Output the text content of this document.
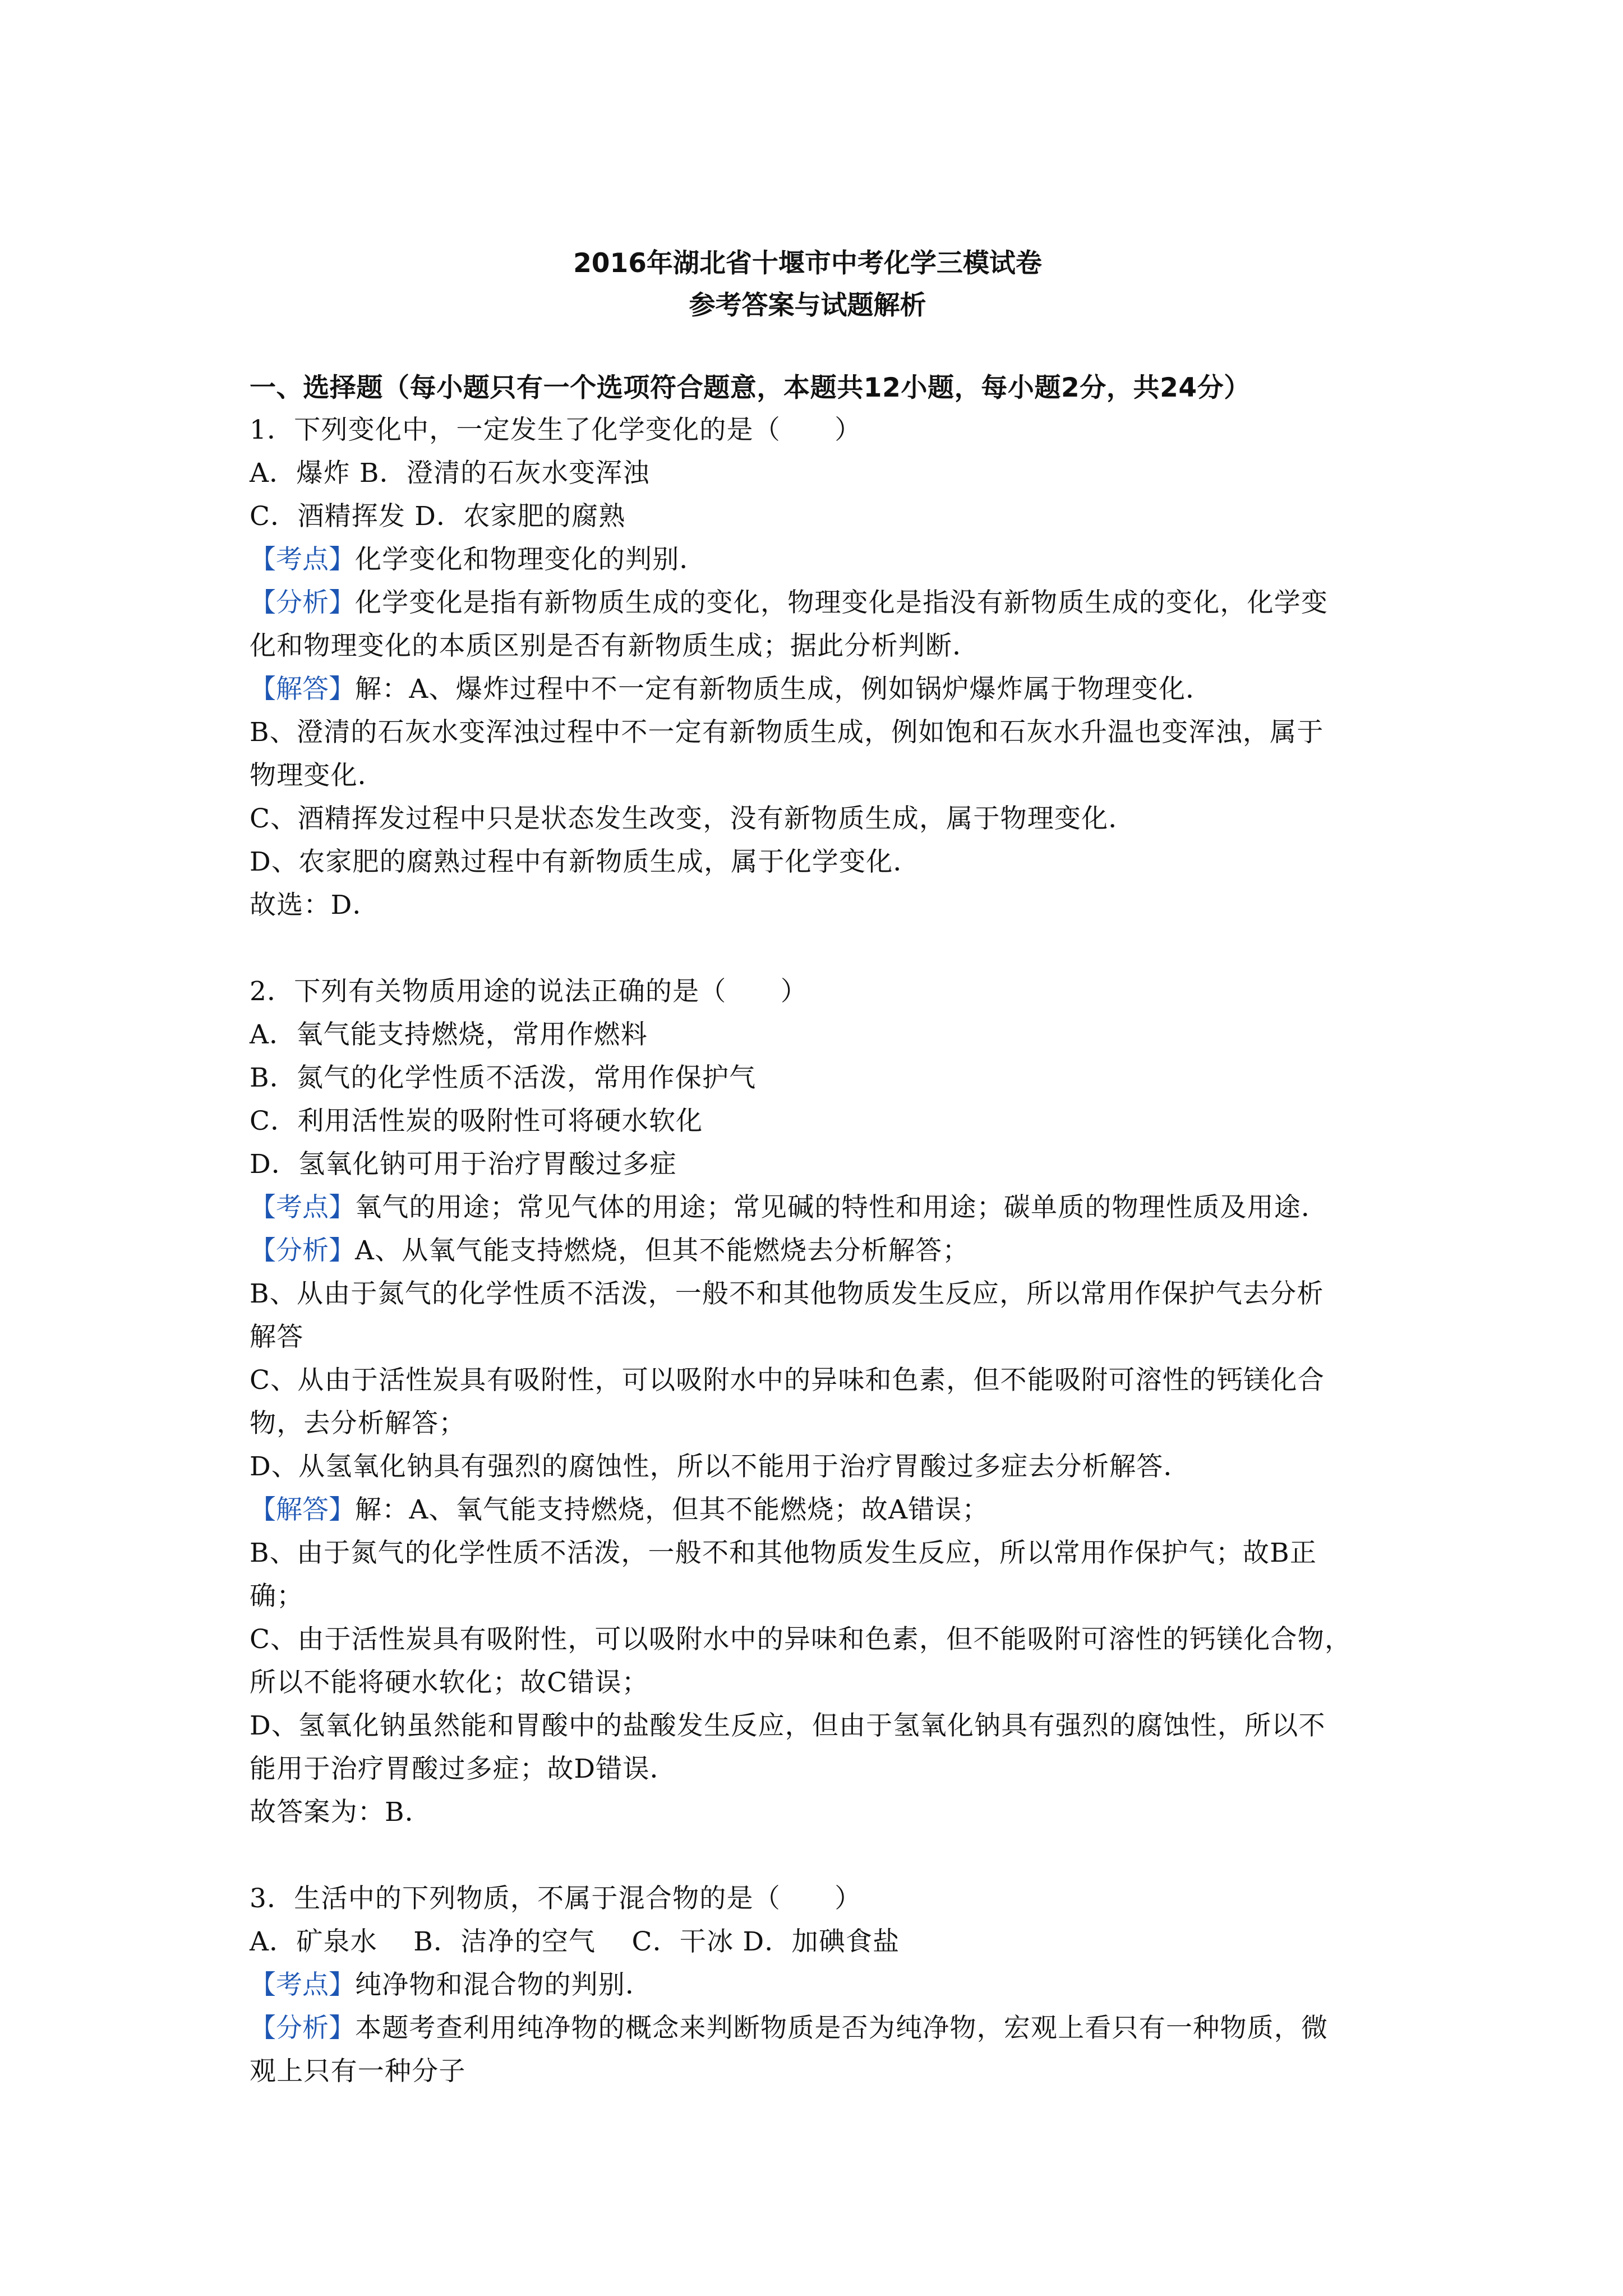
2016年湖北省十堰市中考化学三模试卷
参考答案与试题解析
一、选择题（每小题只有一个选项符合题意，本题共12小题，每小题2分，共24分）
1．下列变化中，一定发生了化学变化的是（　　）
A．爆炸 B．澄清的石灰水变浑浊
C．酒精挥发 D．农家肥的腐熟
【考点】化学变化和物理变化的判别．
【分析】化学变化是指有新物质生成的变化，物理变化是指没有新物质生成的变化，化学变
化和物理变化的本质区别是否有新物质生成；据此分析判断．
【解答】解：A、爆炸过程中不一定有新物质生成，例如锅炉爆炸属于物理变化．
B、澄清的石灰水变浑浊过程中不一定有新物质生成，例如饱和石灰水升温也变浑浊，属于
物理变化．
C、酒精挥发过程中只是状态发生改变，没有新物质生成，属于物理变化．
D、农家肥的腐熟过程中有新物质生成，属于化学变化．
故选：D．
2．下列有关物质用途的说法正确的是（　　）
A．氧气能支持燃烧，常用作燃料
B．氮气的化学性质不活泼，常用作保护气
C．利用活性炭的吸附性可将硬水软化
D．氢氧化钠可用于治疗胃酸过多症
【考点】氧气的用途；常见气体的用途；常见碱的特性和用途；碳单质的物理性质及用途．
【分析】A、从氧气能支持燃烧，但其不能燃烧去分析解答；
B、从由于氮气的化学性质不活泼，一般不和其他物质发生反应，所以常用作保护气去分析
解答
C、从由于活性炭具有吸附性，可以吸附水中的异味和色素，但不能吸附可溶性的钙镁化合
物，去分析解答；
D、从氢氧化钠具有强烈的腐蚀性，所以不能用于治疗胃酸过多症去分析解答．
【解答】解：A、氧气能支持燃烧，但其不能燃烧；故A错误；
B、由于氮气的化学性质不活泼，一般不和其他物质发生反应，所以常用作保护气；故B正
确；
C、由于活性炭具有吸附性，可以吸附水中的异味和色素，但不能吸附可溶性的钙镁化合物，
所以不能将硬水软化；故C错误；
D、氢氧化钠虽然能和胃酸中的盐酸发生反应，但由于氢氧化钠具有强烈的腐蚀性，所以不
能用于治疗胃酸过多症；故D错误．
故答案为：B．
3．生活中的下列物质，不属于混合物的是（　　）
A．矿泉水　 B．洁净的空气　 C．干冰 D．加碘食盐
【考点】纯净物和混合物的判别．
【分析】本题考查利用纯净物的概念来判断物质是否为纯净物，宏观上看只有一种物质，微
观上只有一种分子
